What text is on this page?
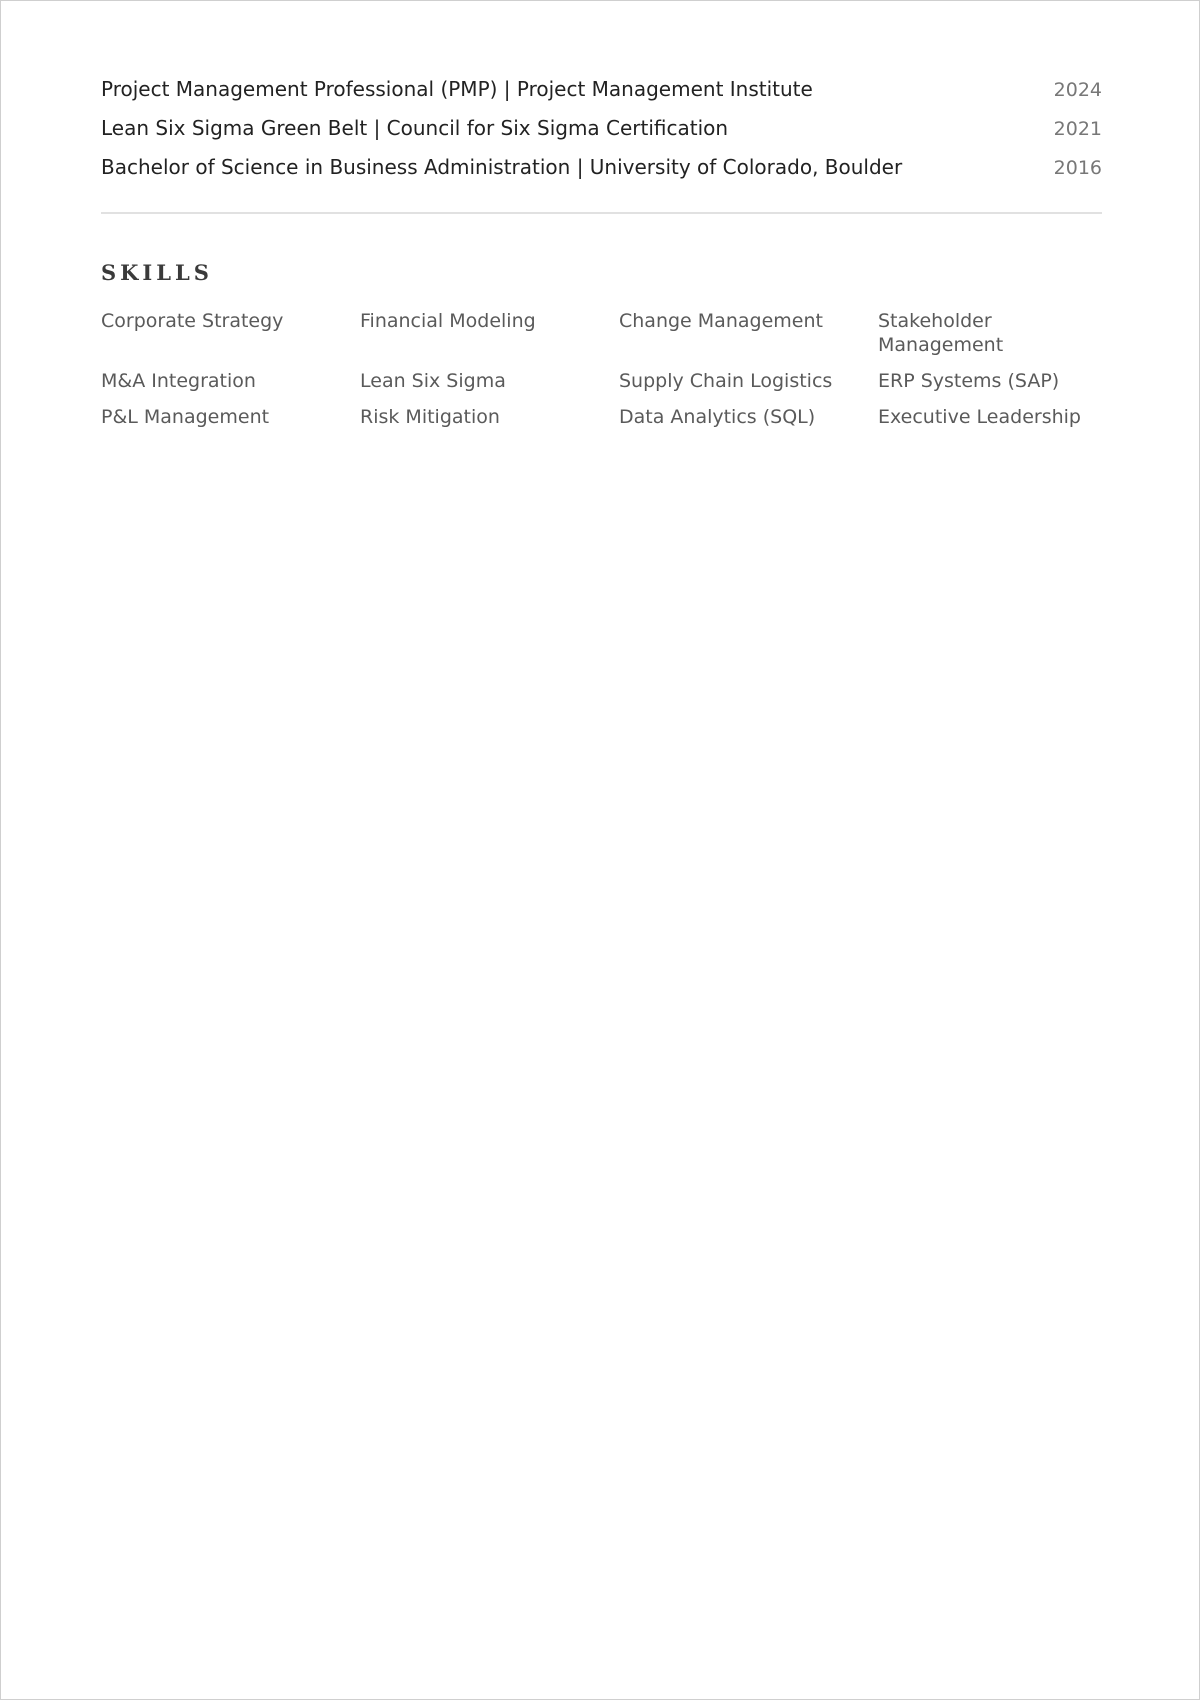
Project Management Professional (PMP) | Project Management Institute	2024
Lean Six Sigma Green Belt | Council for Six Sigma Certification	2021
Bachelor of Science in Business Administration | University of Colorado, Boulder	2016
SKILLS
Corporate Strategy	Financial Modeling	Change Management	Stakeholder Management
M&A Integration	Lean Six Sigma	Supply Chain Logistics	ERP Systems (SAP)
P&L Management	Risk Mitigation	Data Analytics (SQL)	Executive Leadership
